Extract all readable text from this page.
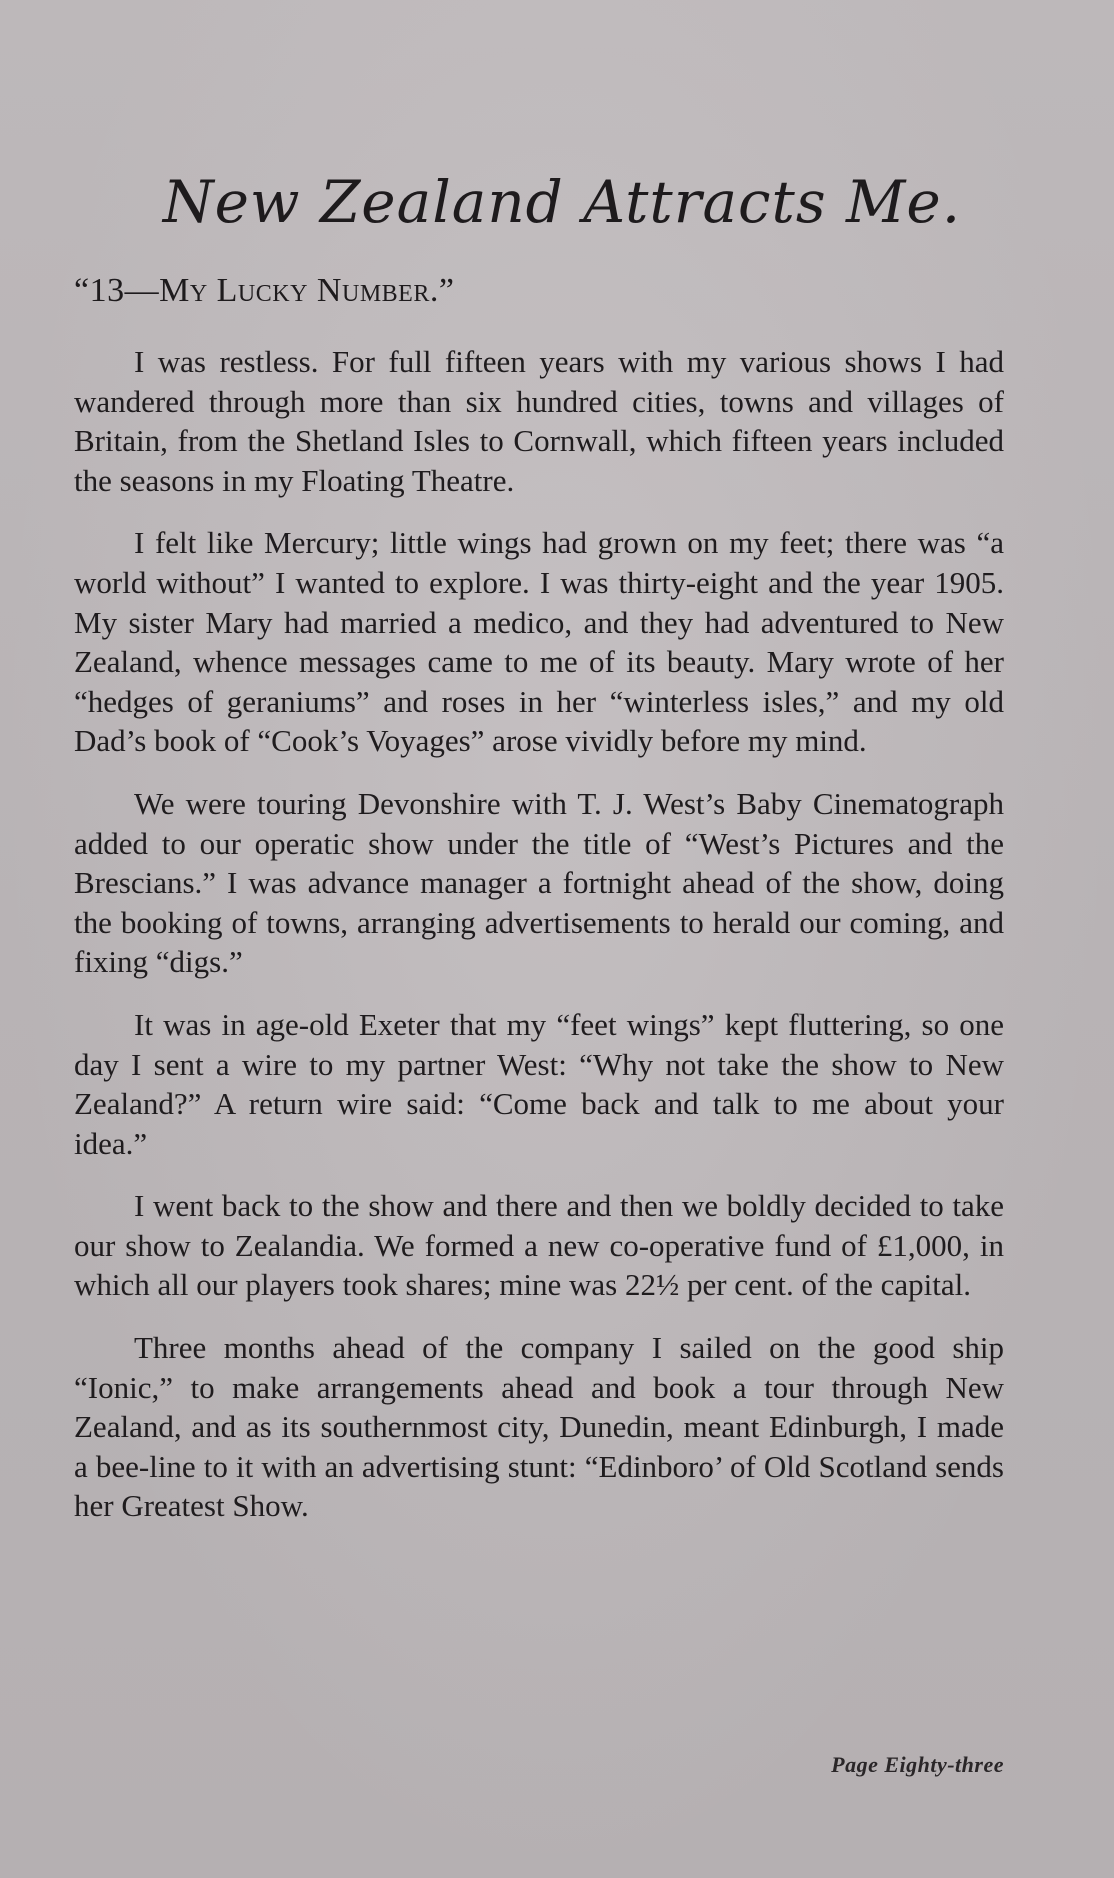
New Zealand Attracts Me.
“13—My Lucky Number.”

I was restless. For full fifteen years with my various shows I had wandered through more than six hundred cities, towns and villages of Britain, from the Shetland Isles to Cornwall, which fifteen years included the seasons in my Floating Theatre.

I felt like Mercury; little wings had grown on my feet; there was “a world without” I wanted to explore. I was thirty-eight and the year 1905. My sister Mary had married a medico, and they had adventured to New Zealand, whence messages came to me of its beauty. Mary wrote of her “hedges of geraniums” and roses in her “winterless isles,” and my old Dad’s book of “Cook’s Voyages” arose vividly before my mind.

We were touring Devonshire with T. J. West’s Baby Cinematograph added to our operatic show under the title of “West’s Pictures and the Brescians.” I was advance manager a fortnight ahead of the show, doing the booking of towns, arranging advertisements to herald our coming, and fixing “digs.”

It was in age-old Exeter that my “feet wings” kept fluttering, so one day I sent a wire to my partner West: “Why not take the show to New Zealand?” A return wire said: “Come back and talk to me about your idea.”

I went back to the show and there and then we boldly decided to take our show to Zealandia. We formed a new co-operative fund of £1,000, in which all our players took shares; mine was 22½ per cent. of the capital.

Three months ahead of the company I sailed on the good ship “Ionic,” to make arrangements ahead and book a tour through New Zealand, and as its southernmost city, Dunedin, meant Edinburgh, I made a bee-line to it with an advertising stunt: “Edinboro’ of Old Scotland sends her Greatest Show.

Page Eighty-three
